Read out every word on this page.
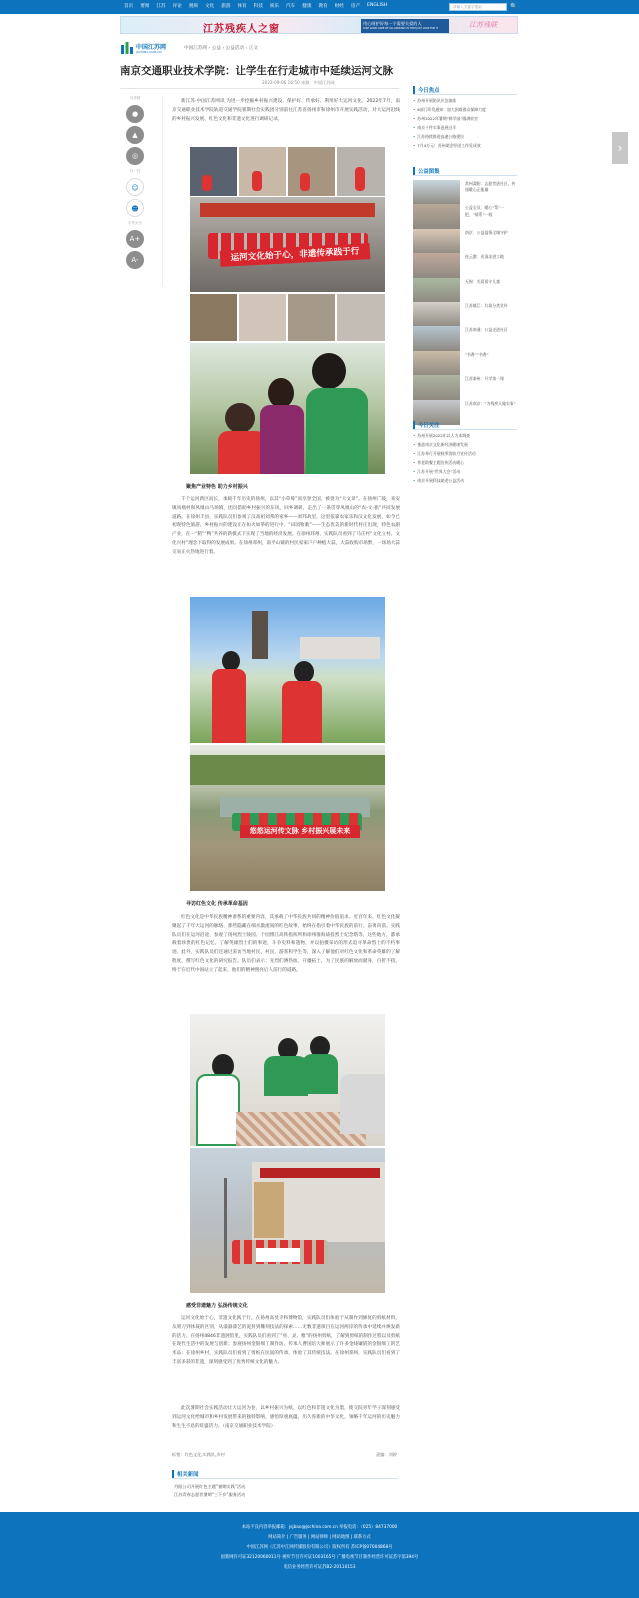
首页 要闻 江苏 评论 視频 文化 旅游 体育 科技 娱乐 汽车 健康 教育 财经 房产 ENGLISH	请输入关键字搜索	🔍
江苏残疾人之窗
用心呵护好每一个需要关爱的人
TAKE GOOD CARE OF ALL AROUND US THAT JUST LOOK FOR IT	江苏残联
中国江苏网
JSCHINA.COM.CN
中国江苏网 › 公益 › 公益活动 › 正文
南京交通职业技术学院：让学生在行走城市中延续运河文脉
2022-09-06 16:50 来源：中国江苏网
分享到
●
▲
◎
扫一扫
☺
☻
字号大小
A+
A-
新江苏·中国江苏网讯 为进一步挖掘乡村振兴建设、保护好、传承好、利用好大运河文化，2022年7月，南京交通职业技术学院轨道交通学院暑期社会实践团分别前往江苏省扬州市和徐州市开展实践活动，对大运河沿线的乡村振兴发展、红色文化和非遗文化进行调研记录。
运河文化始于心，非遗传承践于行
聚焦产业特色 助力乡村振兴
千个运河新区而长，承载千年历史的扬州，以其“小草莓”而享誉全国，被誉为“大文章”。在扬州广陵，来安镇凤凰村和凤凰山马场镇，团员借助乡村振兴的东风，回乡调研，走出了一条贯穿凤凰山的“农-文-旅”共同发展道路。在徐州丰县，实践队员们参观了汉高祖刘邦的家乡——刘邦故里，这里依靠农家乐和汉文化发展，如今已初现特色旅游。乡村振兴的建设正在如火如荼的进行中，“田园牧歌”——生态优美的新时代村庄出现，特色农副产业，在一“稻”“鸭”共养的新模式下实现了当地的经济发展。在徐州邳州，实践队员看到了马庄村“文化立村、文化兴村”理念下取得的发展成果。在徐州邳州，南平山镇的村民家家户户种植大蒜，大蒜收购市场繁，一场场大蒜交易正火热地进行着。
悠悠运河传文脉 乡村振兴展未来
寻访红色文化 传承革命基因
红色文化是中华民族精神谱系的重要内容，其承载了中华民族共同的精神价值追求。近百年来，红色文化凝聚起了千年大运河的脉络，那些隐藏在细水激流间的红色故事，始终在指引着中华民族的前行、奋勇向前。实践队员们在运河沿途，参观了扬州烈士陵园、个园博江高铁指挥所和徐州淮海战役烈士纪念塔等，这些地方，都承载着珍贵的红色记忆。了解英雄烈士们的事迹，斗争史料和遗物，并以拍摄采访的形式追寻革命烈士的不朽事迹。此外，实践队员们还通过采访当地村民、村民、游客和学生等，深入了解他们对红色文化和革命英雄的了解程度，撰写红色文化的研究报告。队员们表示：先烈们洒热血，开疆拓土，为了民族的解放而献身，百折不挠，终于在近代中国站立了起来，他们的精神照亮后人前行的道路。
感受非遗魅力 弘扬传统文化
运河文化始于心，非遗文化践于行。在扬州高旻寺和博物馆，实践队员们体验于从制作到修复的剪纸材料，从刻刀到体裁的区别，从漆器漆艺的泥封到雕刻技法的探索……无数非遗项目在运河两岸的传承中延续并焕发新的活力。在扬州4846非遗展馆里，实践队员们看到了“亮、灵、雅”的扬州剪纸，了解到剪纸的制作过程以及剪纸在现代生活中的发展与创新；参观扬州金银细工制作坊，传承人曹国培大师展示了许多金线镶嵌的金银细工的艺术品；在徐州乡村，实践队员们看到了剪纸在民间的传承，体验了其传统技法。在徐州邳州，实践队员们看到了丰富多彩的非遗，深刻感受到了优秀传统文化的魅力。
此次暑期社会实践活动让大运河为卷，以乡村振兴为纸，以红色和非遗文化为墨，使交院青年学子深刻感受到运河文化给城市和乡村发展带来的独特影响，感悟厚重底蕴，历久弥新的中华文化，领略千年运河的历史魅力和生生不息的旺盛活力。（南京交通职业技术学院）
标签：红色文化,实践队,乡村	责编：刘婷
相关新闻
丹阳公司开展红色主题“暑期实践”活动
江苏青春志愿者暑期“三下乡”服务活动
今日焦点
• 苏州开展防汛应急演练
• 6部门印发通知：加大困难群众保障力度
• 苏州2022年暑期“鲜学园”圆满收官
• 南京十件实事进展过半
• 江苏持续推进高速公路建设
• 7月4万元！苏州助企纾困工作见成效
公益图集
常州溧阳：志愿者进社区，传递暖心正能量
公益宝贝：暖心“帮”一把，“情系”一线
南京：公益温情全城守护
连云港：送清凉进工地
无锡：关爱留守儿童
江苏镇江：垃圾分类宣传
江苏南通：公益走进社区
“书香”“书香”
江苏泰州：开学第一课
江苏南京：“为残疾人做实事”
今日关注
• 苏州开展2022年以人为本调查
• 推进南京文化新经济健康发展
• 江苏举行开展秋季消防月宣传活动
• 养老助餐主题宣传活动暖心
• 江苏开展“世界大会”活动
• 南京开展科技助老公益活动
›
本站不良内容举报邮箱：jsjbao@jschina.com.cn 举报电话：（025）84737000
网站简介 | 广告服务 | 网站律师 | 网站地图 | 联系方式
中国江苏网（江苏中江网传媒股份有限公司）版权所有 苏ICP备07004868号
国新网许可证32120060011号 视听节目许可证1003165号 广播电视节目制作经营许可证苏字第394号
电信业务经营许可证苏B2-20110153
